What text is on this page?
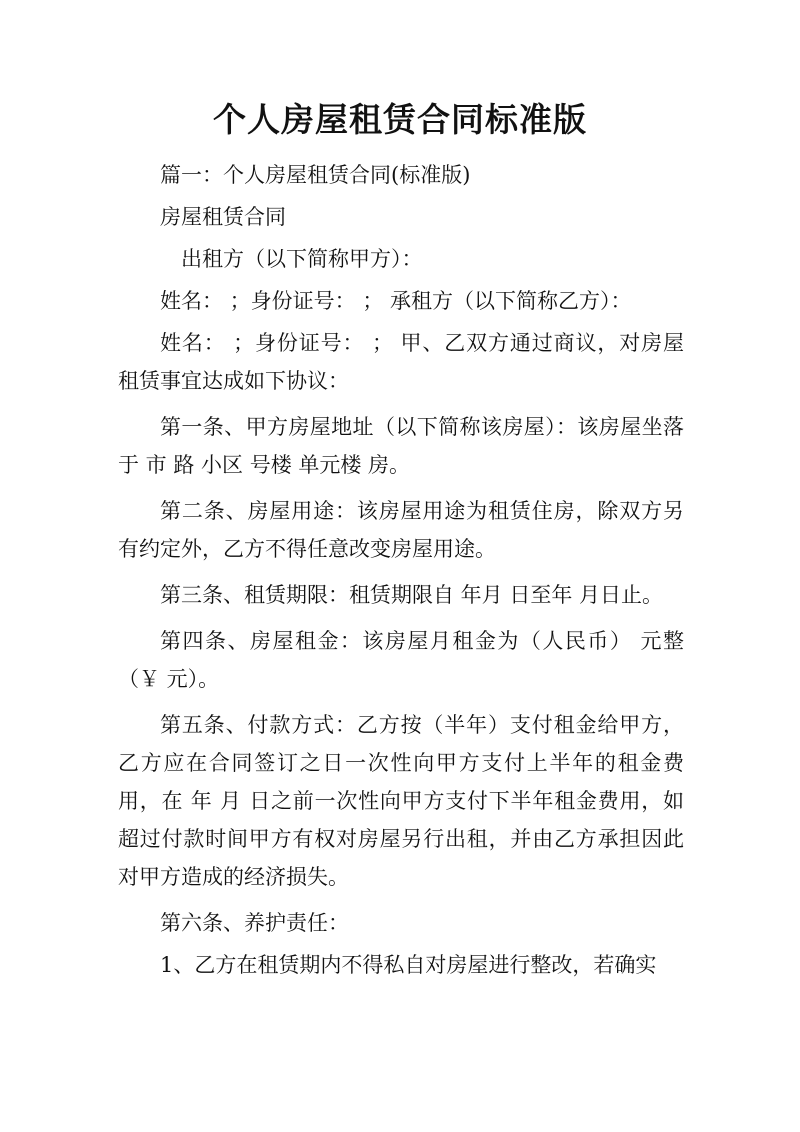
个人房屋租赁合同标准版

篇一：个人房屋租赁合同(标准版)

房屋租赁合同

出租方（以下简称甲方）：

姓名： ；身份证号： ； 承租方（以下简称乙方）：

姓名： ；身份证号： ； 甲、乙双方通过商议，对房屋租赁事宜达成如下协议：

第一条、甲方房屋地址（以下简称该房屋）：该房屋坐落于 市 路 小区 号楼 单元楼 房。

第二条、房屋用途：该房屋用途为租赁住房，除双方另有约定外，乙方不得任意改变房屋用途。

第三条、租赁期限：租赁期限自 年月 日至年 月日止。

第四条、房屋租金：该房屋月租金为（人民币） 元整（￥ 元）。

第五条、付款方式：乙方按（半年）支付租金给甲方，乙方应在合同签订之日一次性向甲方支付上半年的租金费用，在 年 月 日之前一次性向甲方支付下半年租金费用，如超过付款时间甲方有权对房屋另行出租，并由乙方承担因此对甲方造成的经济损失。

第六条、养护责任：

1、乙方在租赁期内不得私自对房屋进行整改，若确实
